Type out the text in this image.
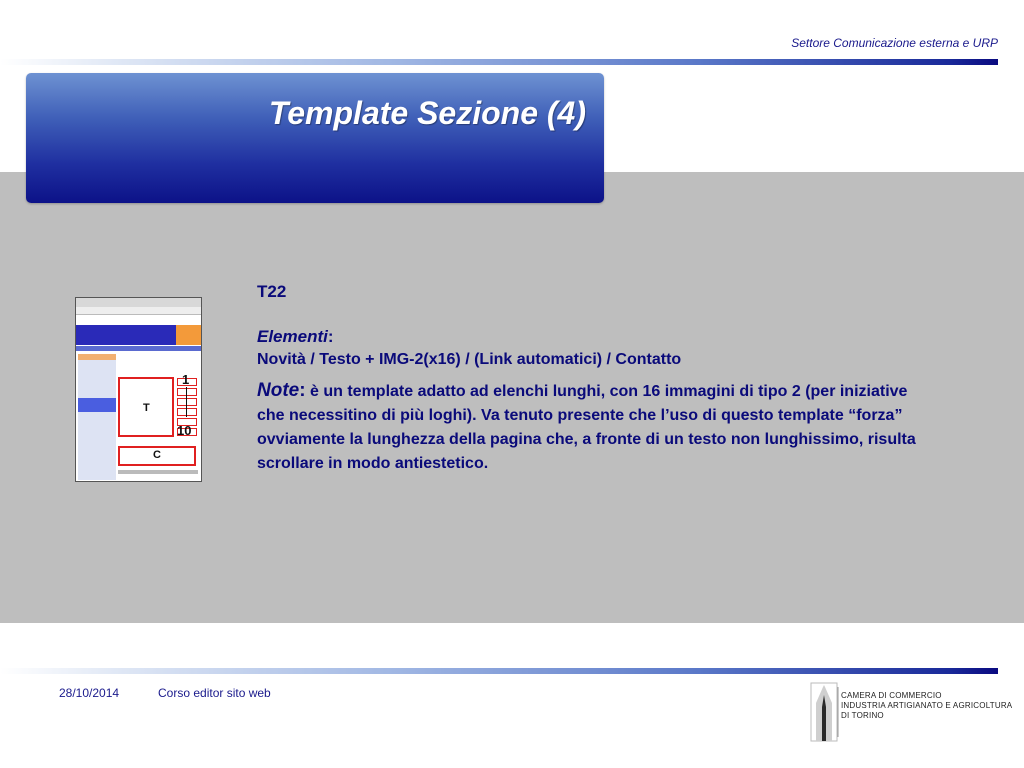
Settore Comunicazione esterna e URP
Template Sezione (4)
T
1
10
C

T22

Elementi:
Novità / Testo + IMG-2(x16) / (Link automatici) / Contatto
Note: è un template adatto ad elenchi lunghi, con 16 immagini di tipo 2 (per iniziative che necessitino di più loghi). Va tenuto presente che l’uso di questo template “forza” ovviamente la lunghezza della pagina che, a fronte di un testo non lunghissimo, risulta scrollare in modo antiestetico.
28/10/2014	Corso editor sito web	CAMERA DI COMMERCIO
INDUSTRIA ARTIGIANATO E AGRICOLTURA
DI TORINO
